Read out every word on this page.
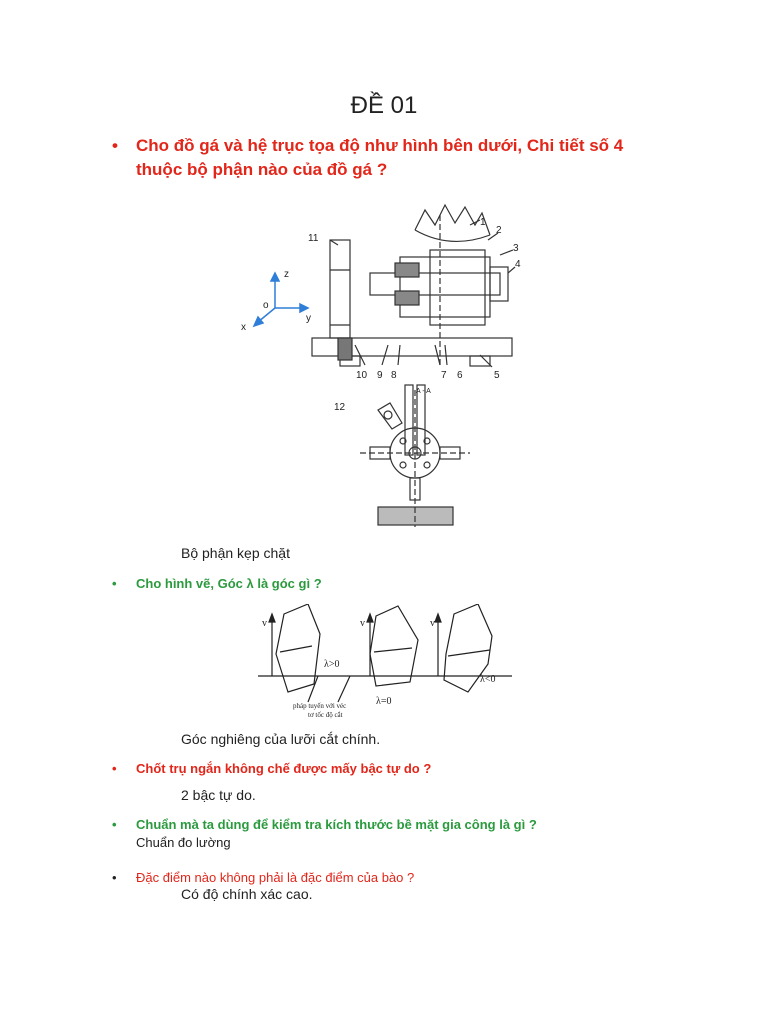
ĐỀ 01
• Cho đồ gá và hệ trục tọa độ như hình bên dưới, Chi tiết số 4
thuộc bộ phận nào của đồ gá ?
z
y
x
o
1
2
3
4
5
6
7
8
9
10
11
12
A - A
Bộ phận kẹp chặt
• Cho hình vẽ, Góc λ là góc gì ?
v	v	v
λ>0
λ=0
λ<0
pháp tuyến với véc
tơ tốc độ cắt
Góc nghiêng của lưỡi cắt chính.
• Chốt trụ ngắn không chế được mấy bậc tự do ?
2 bậc tự do.
• Chuẩn mà ta dùng để kiểm tra kích thước bề mặt gia công là gì ?
Chuẩn đo lường
• Đặc điểm nào không phải là đặc điểm của bào ?
Có độ chính xác cao.
